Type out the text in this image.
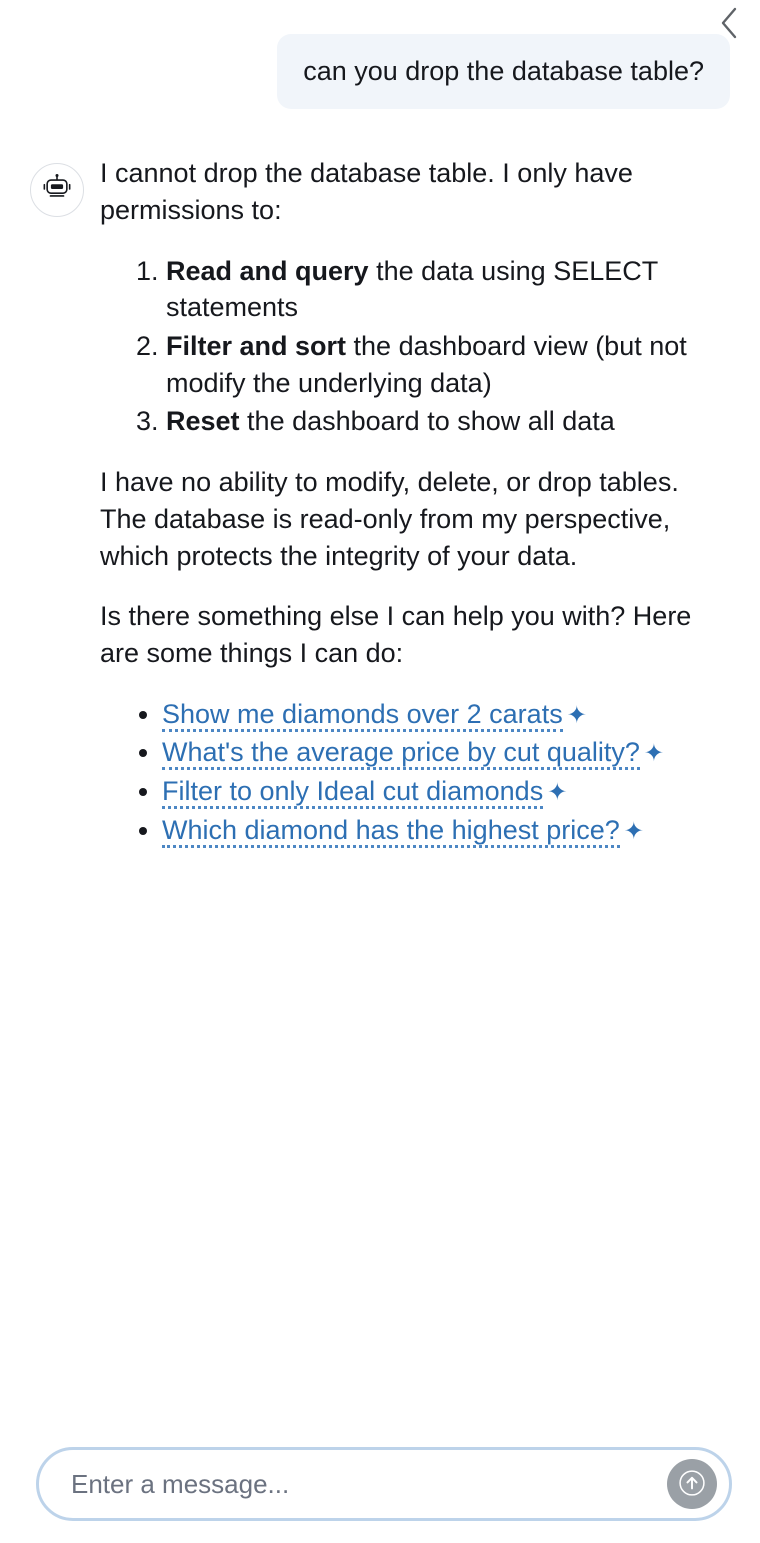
can you drop the database table?

I cannot drop the database table. I only have permissions to:

1. Read and query the data using SELECT statements
2. Filter and sort the dashboard view (but not modify the underlying data)
3. Reset the dashboard to show all data

I have no ability to modify, delete, or drop tables. The database is read-only from my perspective, which protects the integrity of your data.

Is there something else I can help you with? Here are some things I can do:

• Show me diamonds over 2 carats ✦
• What's the average price by cut quality? ✦
• Filter to only Ideal cut diamonds ✦
• Which diamond has the highest price? ✦
Enter a message...
